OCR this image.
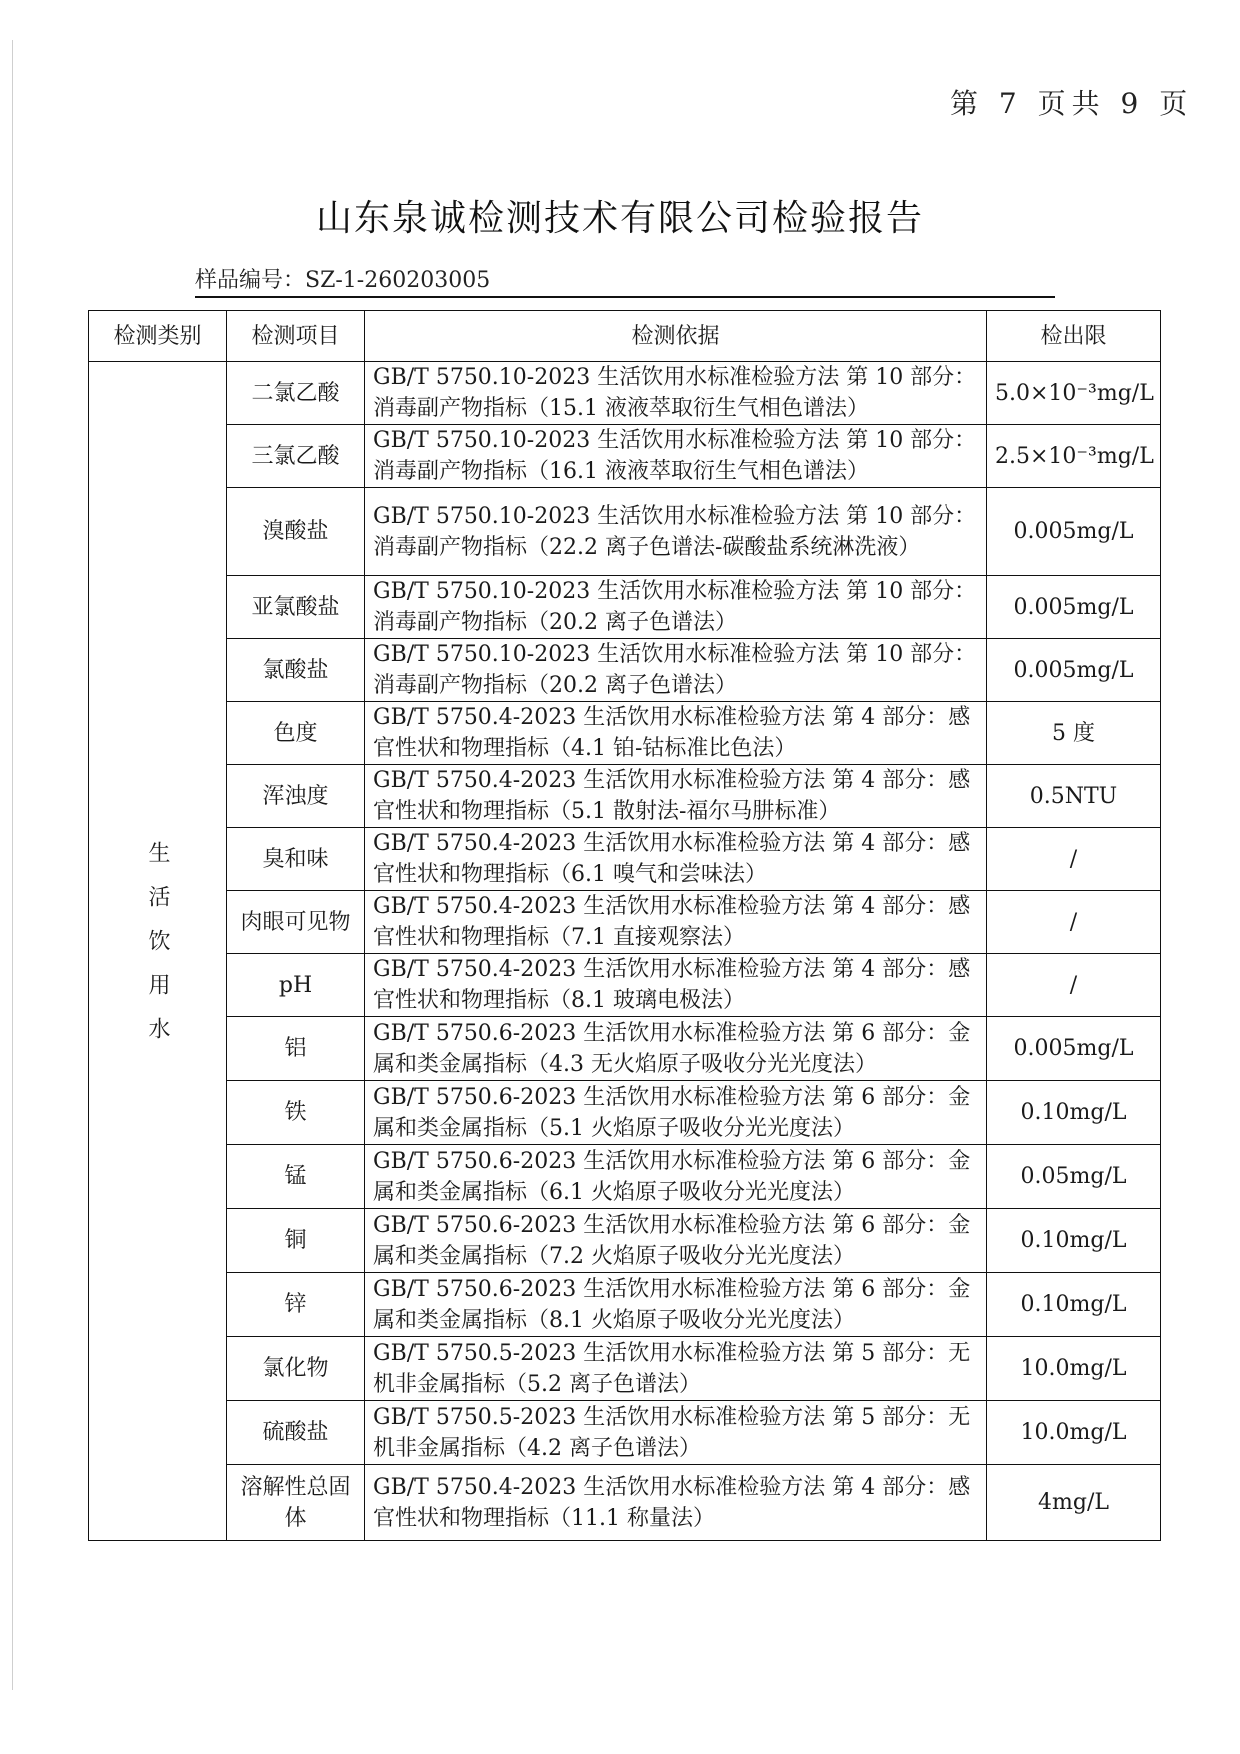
第 7 页共 9 页
山东泉诚检测技术有限公司检验报告
样品编号：SZ-1-260203005
检测类别	检测项目	检测依据	检出限
生活饮用水	二氯乙酸	GB/T 5750.10-2023 生活饮用水标准检验方法 第 10 部分：消毒副产物指标（15.1 液液萃取衍生气相色谱法）	5.0×10⁻³mg/L
	三氯乙酸	GB/T 5750.10-2023 生活饮用水标准检验方法 第 10 部分：消毒副产物指标（16.1 液液萃取衍生气相色谱法）	2.5×10⁻³mg/L
	溴酸盐	GB/T 5750.10-2023 生活饮用水标准检验方法 第 10 部分：消毒副产物指标（22.2 离子色谱法-碳酸盐系统淋洗液）	0.005mg/L
	亚氯酸盐	GB/T 5750.10-2023 生活饮用水标准检验方法 第 10 部分：消毒副产物指标（20.2 离子色谱法）	0.005mg/L
	氯酸盐	GB/T 5750.10-2023 生活饮用水标准检验方法 第 10 部分：消毒副产物指标（20.2 离子色谱法）	0.005mg/L
	色度	GB/T 5750.4-2023 生活饮用水标准检验方法 第 4 部分：感官性状和物理指标（4.1 铂-钴标准比色法）	5 度
	浑浊度	GB/T 5750.4-2023 生活饮用水标准检验方法 第 4 部分：感官性状和物理指标（5.1 散射法-福尔马肼标准）	0.5NTU
	臭和味	GB/T 5750.4-2023 生活饮用水标准检验方法 第 4 部分：感官性状和物理指标（6.1 嗅气和尝味法）	/
	肉眼可见物	GB/T 5750.4-2023 生活饮用水标准检验方法 第 4 部分：感官性状和物理指标（7.1 直接观察法）	/
	pH	GB/T 5750.4-2023 生活饮用水标准检验方法 第 4 部分：感官性状和物理指标（8.1 玻璃电极法）	/
	铝	GB/T 5750.6-2023 生活饮用水标准检验方法 第 6 部分：金属和类金属指标（4.3 无火焰原子吸收分光光度法）	0.005mg/L
	铁	GB/T 5750.6-2023 生活饮用水标准检验方法 第 6 部分：金属和类金属指标（5.1 火焰原子吸收分光光度法）	0.10mg/L
	锰	GB/T 5750.6-2023 生活饮用水标准检验方法 第 6 部分：金属和类金属指标（6.1 火焰原子吸收分光光度法）	0.05mg/L
	铜	GB/T 5750.6-2023 生活饮用水标准检验方法 第 6 部分：金属和类金属指标（7.2 火焰原子吸收分光光度法）	0.10mg/L
	锌	GB/T 5750.6-2023 生活饮用水标准检验方法 第 6 部分：金属和类金属指标（8.1 火焰原子吸收分光光度法）	0.10mg/L
	氯化物	GB/T 5750.5-2023 生活饮用水标准检验方法 第 5 部分：无机非金属指标（5.2 离子色谱法）	10.0mg/L
	硫酸盐	GB/T 5750.5-2023 生活饮用水标准检验方法 第 5 部分：无机非金属指标（4.2 离子色谱法）	10.0mg/L
	溶解性总固体	GB/T 5750.4-2023 生活饮用水标准检验方法 第 4 部分：感官性状和物理指标（11.1 称量法）	4mg/L
